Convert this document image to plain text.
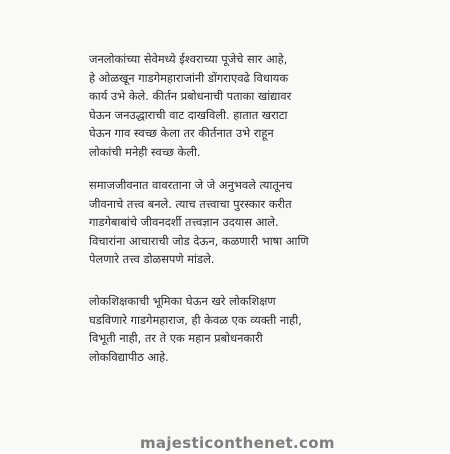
जनलोकांच्या सेवेमध्ये ईश्वराच्या पूजेचे सार आहे,
हे ओळखून गाडगेमहाराजांनी डोंगराएवढे विधायक
कार्य उभे केले. कीर्तन प्रबोधनाची पताका खांद्यावर
घेऊन जनउद्धाराची वाट दाखविली. हातात खराटा
घेऊन गाव स्वच्छ केला तर कीर्तनात उभे राहून
लोकांची मनेही स्वच्छ केली.
समाजजीवनात वावरताना जे जे अनुभवले त्यातूनच
जीवनाचे तत्त्व बनले. त्याच तत्त्वाचा पुरस्कार करीत
गाडगेबाबांचे जीवनदर्शी तत्त्वज्ञान उदयास आले.
विचारांना आचाराची जोड देऊन, कळणारी भाषा आणि
पेलणारे तत्त्व डोळसपणे मांडले.
लोकशिक्षकाची भूमिका घेऊन खरे लोकशिक्षण
घडविणारे गाडगेमहाराज, ही केवळ एक व्यक्ती नाही,
विभूती नाही, तर ते एक महान प्रबोधनकारी
लोकविद्यापीठ आहे.
majesticonthenet.com
